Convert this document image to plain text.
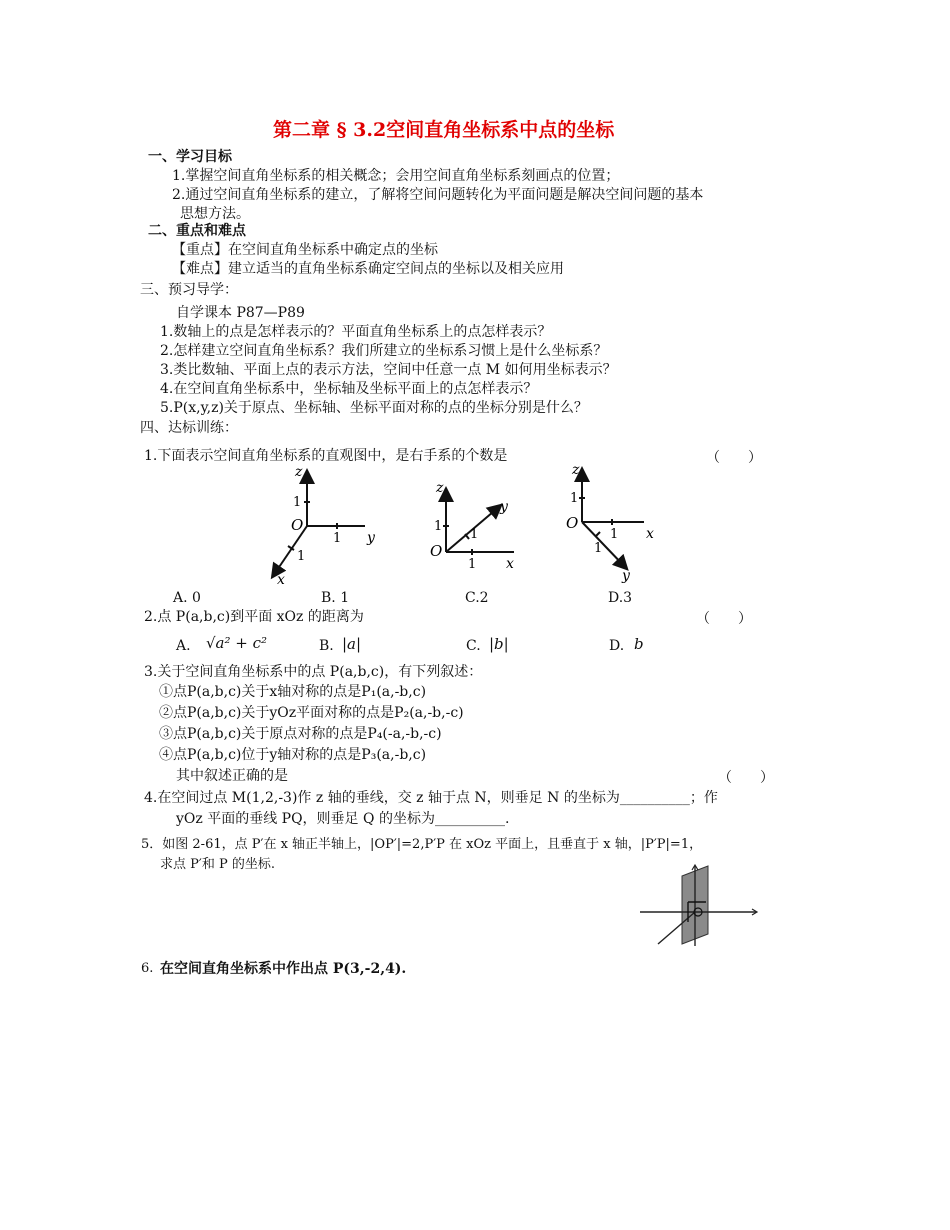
第二章 § 3.2空间直角坐标系中点的坐标
一、学习目标
1.掌握空间直角坐标系的相关概念；会用空间直角坐标系刻画点的位置；
2.通过空间直角坐标系的建立，了解将空间问题转化为平面问题是解决空间问题的基本
思想方法。
二、重点和难点
【重点】在空间直角坐标系中确定点的坐标
【难点】建立适当的直角坐标系确定空间点的坐标以及相关应用
三、预习导学：
自学课本 P87—P89
1.数轴上的点是怎样表示的？平面直角坐标系上的点怎样表示？
2.怎样建立空间直角坐标系？我们所建立的坐标系习惯上是什么坐标系？
3.类比数轴、平面上点的表示方法，空间中任意一点 M 如何用坐标表示？
4.在空间直角坐标系中，坐标轴及坐标平面上的点怎样表示？
5.P(x,y,z)关于原点、坐标轴、坐标平面对称的点的坐标分别是什么？
四、达标训练：
1.下面表示空间直角坐标系的直观图中，是右手系的个数是	（　　）
z
1
O
1 y
1
x
z
1
1
y
O
1 x
z
1
O
1 x
1
y
A. 0	B. 1	C.2	D.3
2.点 P(a,b,c)到平面 xOz 的距离为	（　　）
A. √a² + c²	B. |a|	C. |b|	D. b
3.关于空间直角坐标系中的点 P(a,b,c)，有下列叙述：
①点P(a,b,c)关于x轴对称的点是P₁(a,-b,c)
②点P(a,b,c)关于yOz平面对称的点是P₂(a,-b,-c)
③点P(a,b,c)关于原点对称的点是P₄(-a,-b,-c)
④点P(a,b,c)位于y轴对称的点是P₃(a,-b,c)
其中叙述正确的是	（　　）
4.在空间过点 M(1,2,-3)作 z 轴的垂线，交 z 轴于点 N，则垂足 N 的坐标为__________；作
yOz 平面的垂线 PQ，则垂足 Q 的坐标为__________.
5．如图 2-61，点 P′在 x 轴正半轴上，|OP′|=2,P′P 在 xOz 平面上，且垂直于 x 轴，|P′P|=1，
求点 P′和 P 的坐标.
6. 在空间直角坐标系中作出点 P(3,-2,4).
